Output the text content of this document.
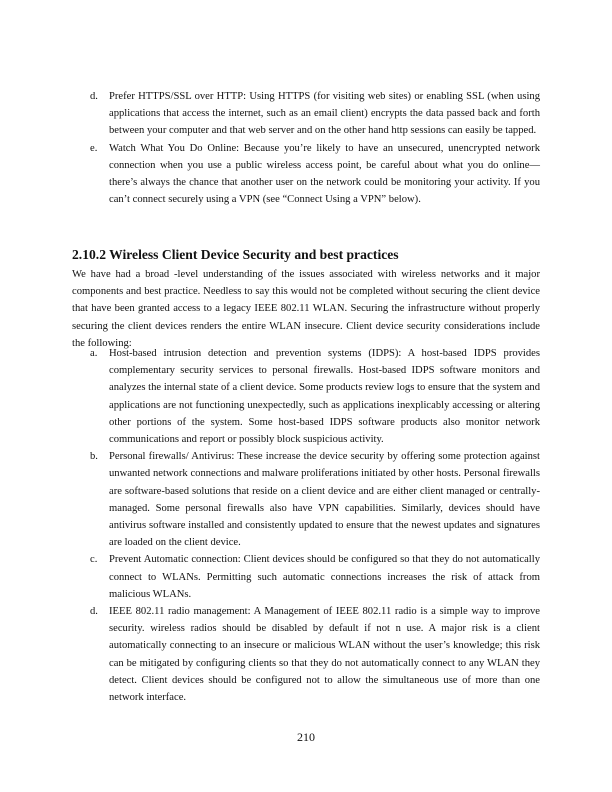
d. Prefer HTTPS/SSL over HTTP: Using HTTPS (for visiting web sites) or enabling SSL (when using applications that access the internet, such as an email client) encrypts the data passed back and forth between your computer and that web server and on the other hand http sessions can easily be tapped.
e. Watch What You Do Online: Because you’re likely to have an unsecured, unencrypted network connection when you use a public wireless access point, be careful about what you do online—there’s always the chance that another user on the network could be monitoring your activity. If you can’t connect securely using a VPN (see “Connect Using a VPN” below).
2.10.2 Wireless Client Device Security and best practices

We have had a broad -level understanding of the issues associated with wireless networks and it major components and best practice. Needless to say this would not be completed without securing the client device that have been granted access to a legacy IEEE 802.11 WLAN. Securing the infrastructure without properly securing the client devices renders the entire WLAN insecure. Client device security considerations include the following:

a. Host-based intrusion detection and prevention systems (IDPS): A host-based IDPS provides complementary security services to personal firewalls. Host-based IDPS software monitors and analyzes the internal state of a client device. Some products review logs to ensure that the system and applications are not functioning unexpectedly, such as applications inexplicably accessing or altering other portions of the system. Some host-based IDPS software products also monitor network communications and report or possibly block suspicious activity.
b. Personal firewalls/ Antivirus: These increase the device security by offering some protection against unwanted network connections and malware proliferations initiated by other hosts. Personal firewalls are software-based solutions that reside on a client device and are either client managed or centrally-managed. Some personal firewalls also have VPN capabilities. Similarly, devices should have antivirus software installed and consistently updated to ensure that the newest updates and signatures are loaded on the client device.
c. Prevent Automatic connection: Client devices should be configured so that they do not automatically connect to WLANs. Permitting such automatic connections increases the risk of attack from malicious WLANs.
d. IEEE 802.11 radio management: A Management of IEEE 802.11 radio is a simple way to improve security. wireless radios should be disabled by default if not n use. A major risk is a client automatically connecting to an insecure or malicious WLAN without the user’s knowledge; this risk can be mitigated by configuring clients so that they do not automatically connect to any WLAN they detect. Client devices should be configured not to allow the simultaneous use of more than one network interface.
210
